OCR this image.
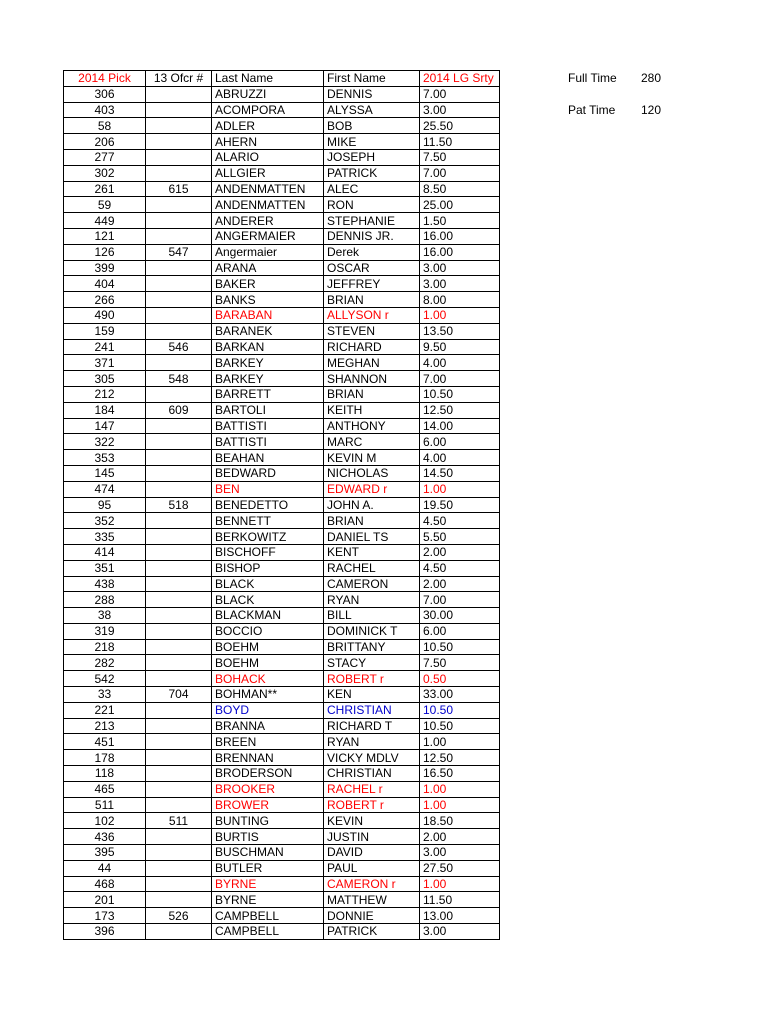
2014 Pick	13 Ofcr #	Last Name	First Name	2014 LG Srty
306		ABRUZZI	DENNIS	7.00
403		ACOMPORA	ALYSSA	3.00
58		ADLER	BOB	25.50
206		AHERN	MIKE	11.50
277		ALARIO	JOSEPH	7.50
302		ALLGIER	PATRICK	7.00
261	615	ANDENMATTEN	ALEC	8.50
59		ANDENMATTEN	RON	25.00
449		ANDERER	STEPHANIE	1.50
121		ANGERMAIER	DENNIS JR.	16.00
126	547	Angermaier	Derek	16.00
399		ARANA	OSCAR	3.00
404		BAKER	JEFFREY	3.00
266		BANKS	BRIAN	8.00
490		BARABAN	ALLYSON r	1.00
159		BARANEK	STEVEN	13.50
241	546	BARKAN	RICHARD	9.50
371		BARKEY	MEGHAN	4.00
305	548	BARKEY	SHANNON	7.00
212		BARRETT	BRIAN	10.50
184	609	BARTOLI	KEITH	12.50
147		BATTISTI	ANTHONY	14.00
322		BATTISTI	MARC	6.00
353		BEAHAN	KEVIN M	4.00
145		BEDWARD	NICHOLAS	14.50
474		BEN	EDWARD r	1.00
95	518	BENEDETTO	JOHN A.	19.50
352		BENNETT	BRIAN	4.50
335		BERKOWITZ	DANIEL TS	5.50
414		BISCHOFF	KENT	2.00
351		BISHOP	RACHEL	4.50
438		BLACK	CAMERON	2.00
288		BLACK	RYAN	7.00
38		BLACKMAN	BILL	30.00
319		BOCCIO	DOMINICK T	6.00
218		BOEHM	BRITTANY	10.50
282		BOEHM	STACY	7.50
542		BOHACK	ROBERT r	0.50
33	704	BOHMAN**	KEN	33.00
221		BOYD	CHRISTIAN	10.50
213		BRANNA	RICHARD T	10.50
451		BREEN	RYAN	1.00
178		BRENNAN	VICKY MDLV	12.50
118		BRODERSON	CHRISTIAN	16.50
465		BROOKER	RACHEL r	1.00
511		BROWER	ROBERT r	1.00
102	511	BUNTING	KEVIN	18.50
436		BURTIS	JUSTIN	2.00
395		BUSCHMAN	DAVID	3.00
44		BUTLER	PAUL	27.50
468		BYRNE	CAMERON r	1.00
201		BYRNE	MATTHEW	11.50
173	526	CAMPBELL	DONNIE	13.00
396		CAMPBELL	PATRICK	3.00
Full Time 280
Pat Time 120
